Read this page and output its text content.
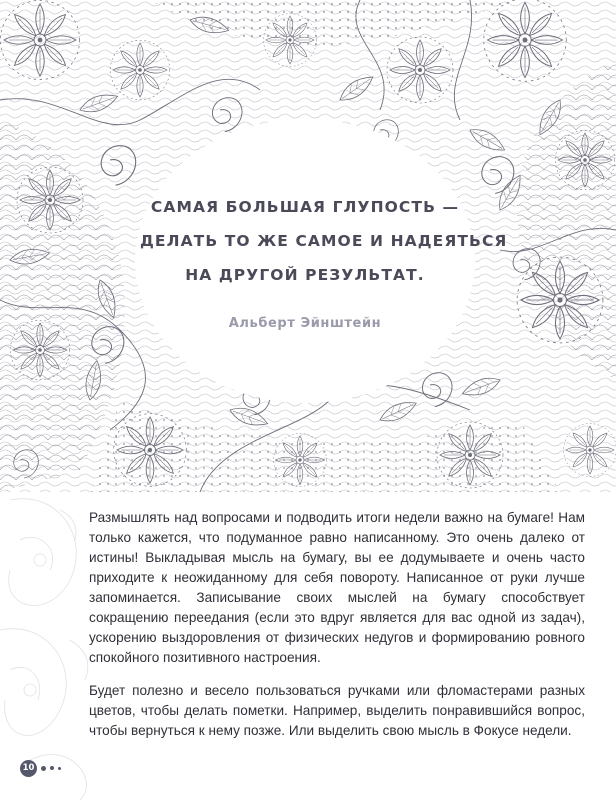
САМАЯ БОЛЬШАЯ ГЛУПОСТЬ —
ДЕЛАТЬ ТО ЖЕ САМОЕ И НАДЕЯТЬСЯ
НА ДРУГОЙ РЕЗУЛЬТАТ.
Альберт Эйнштейн

Размышлять над вопросами и подводить итоги недели важно на бумаге! Нам только кажется, что подуманное равно написанному. Это очень далеко от истины! Выкладывая мысль на бумагу, вы ее додумываете и очень часто приходите к неожиданному для себя повороту. Написанное от руки лучше запоминается. Записывание своих мыслей на бумагу способствует сокращению переедания (если это вдруг является для вас одной из задач), ускорению выздоровления от физических недугов и формированию ровного спокойного позитивного настроения.

Будет полезно и весело пользоваться ручками или фломастерами разных цветов, чтобы делать пометки. Например, выделить понравившийся вопрос, чтобы вернуться к нему позже. Или выделить свою мысль в Фокусе недели.

10
